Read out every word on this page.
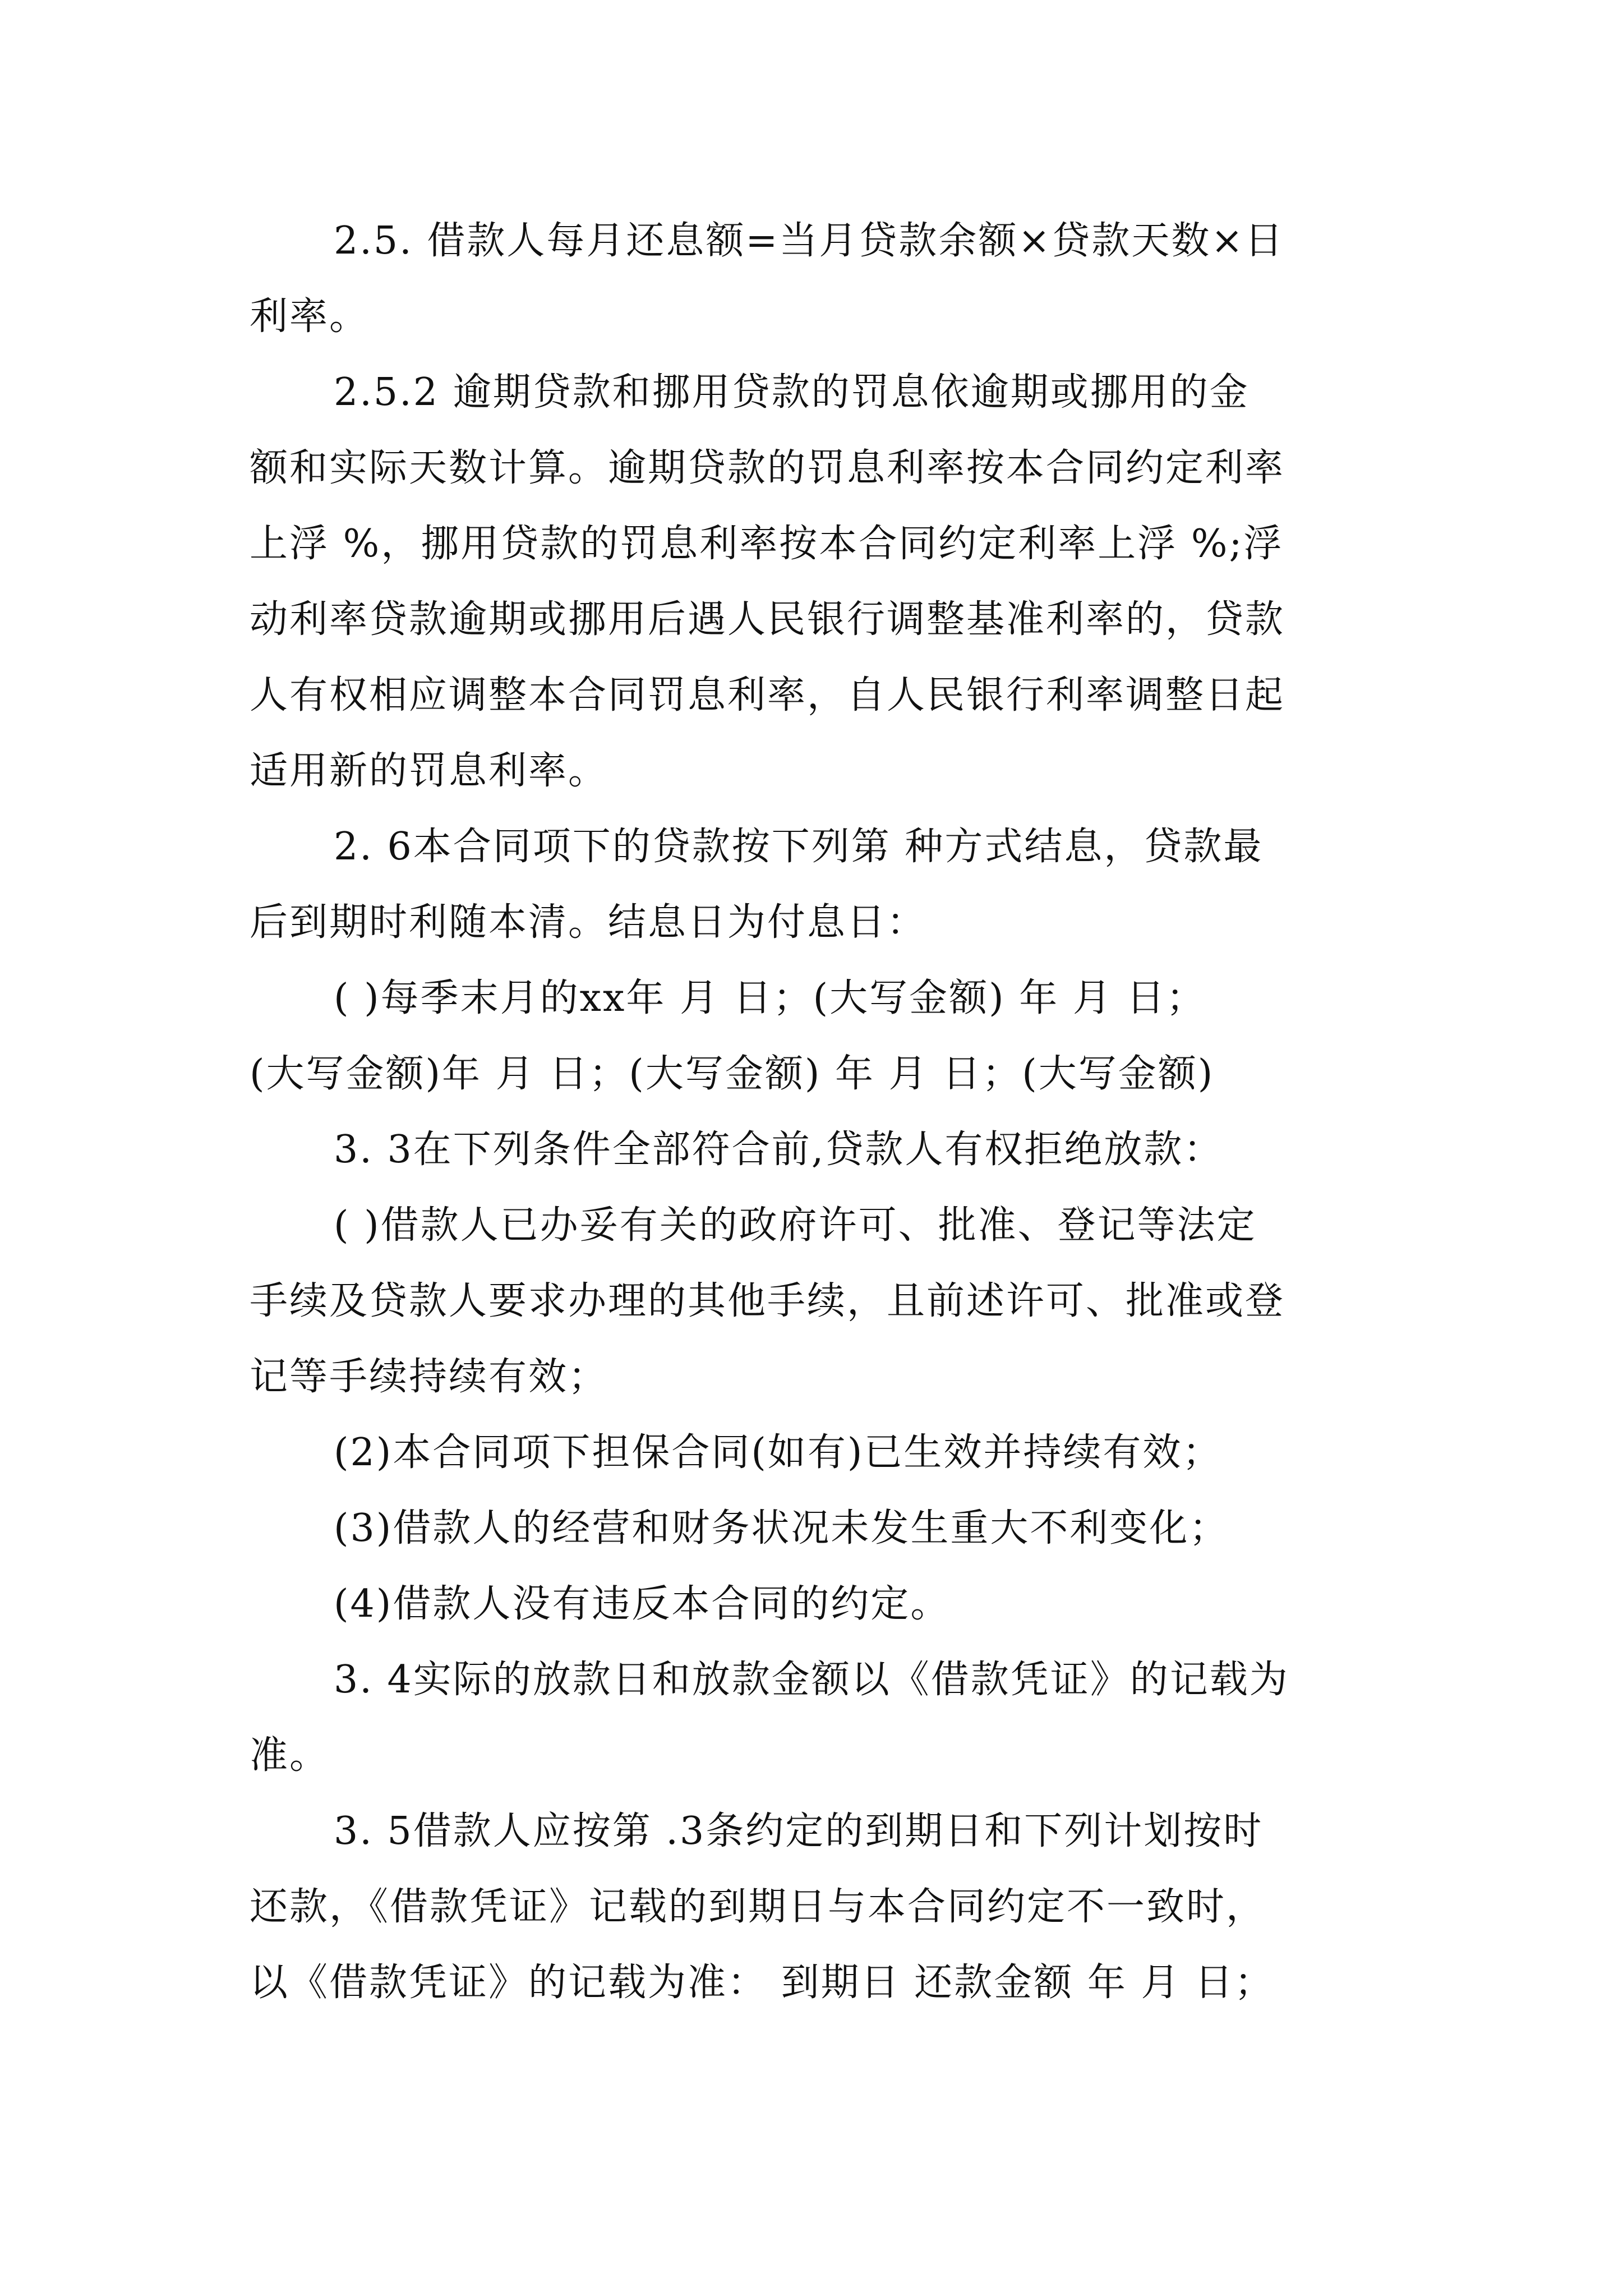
2.5. 借款人每月还息额=当月贷款余额×贷款天数×日
利率。
2.5.2 逾期贷款和挪用贷款的罚息依逾期或挪用的金
额和实际天数计算。逾期贷款的罚息利率按本合同约定利率
上浮 %，挪用贷款的罚息利率按本合同约定利率上浮 %;浮
动利率贷款逾期或挪用后遇人民银行调整基准利率的，贷款
人有权相应调整本合同罚息利率，自人民银行利率调整日起
适用新的罚息利率。
2. 6本合同项下的贷款按下列第 种方式结息，贷款最
后到期时利随本清。结息日为付息日：
( )每季末月的xx年 月 日；(大写金额) 年 月 日；
(大写金额)年 月 日；(大写金额) 年 月 日；(大写金额)
3. 3在下列条件全部符合前,贷款人有权拒绝放款：
( )借款人已办妥有关的政府许可、批准、登记等法定
手续及贷款人要求办理的其他手续，且前述许可、批准或登
记等手续持续有效；
(2)本合同项下担保合同(如有)已生效并持续有效；
(3)借款人的经营和财务状况未发生重大不利变化；
(4)借款人没有违反本合同的约定。
3. 4实际的放款日和放款金额以《借款凭证》的记载为
准。
3. 5借款人应按第 .3条约定的到期日和下列计划按时
还款，《借款凭证》记载的到期日与本合同约定不一致时，
以《借款凭证》的记载为准： 到期日 还款金额 年 月 日；
